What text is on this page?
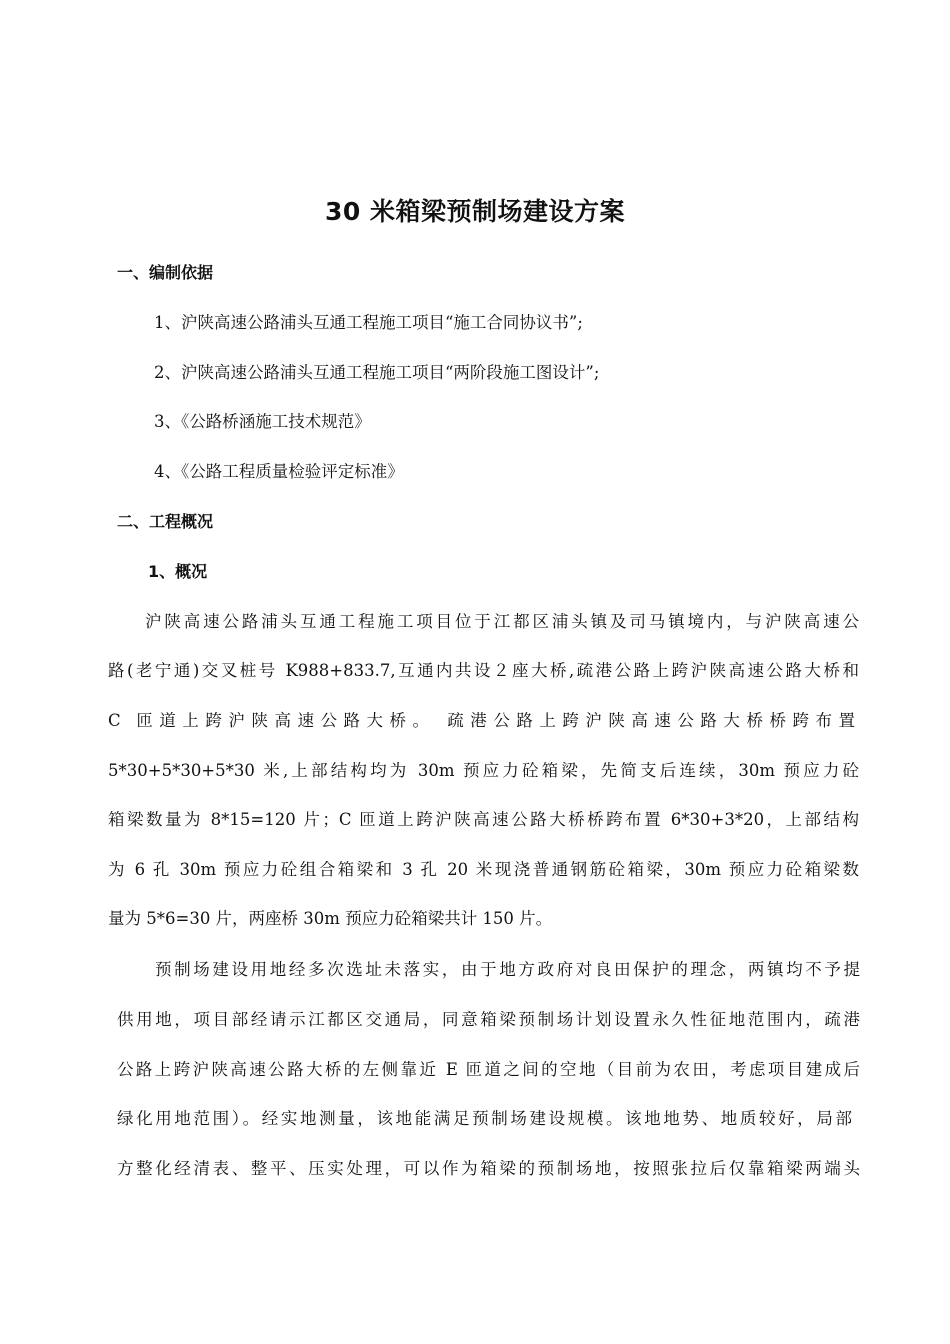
30 米箱梁预制场建设方案
一、编制依据
1、沪陕高速公路浦头互通工程施工项目“施工合同协议书”;
2、沪陕高速公路浦头互通工程施工项目“两阶段施工图设计”;
3、《公路桥涵施工技术规范》
4、《公路工程质量检验评定标准》
二、工程概况
1、概况
沪陕高速公路浦头互通工程施工项目位于江都区浦头镇及司马镇境内，与沪陕高速公
路(老宁通)交叉桩号 K988+833.7,互通内共设２座大桥,疏港公路上跨沪陕高速公路大桥和
C 匝道上跨沪陕高速公路大桥。 疏港公路上跨沪陕高速公路大桥桥跨布置
5*30+5*30+5*30 米,上部结构均为 30m 预应力砼箱梁，先简支后连续，30m 预应力砼
箱梁数量为 8*15=120 片；C 匝道上跨沪陕高速公路大桥桥跨布置 6*30+3*20，上部结构
为 6 孔 30m 预应力砼组合箱梁和 3 孔 20 米现浇普通钢筋砼箱梁，30m 预应力砼箱梁数
量为 5*6=30 片，两座桥 30m 预应力砼箱梁共计 150 片。
预制场建设用地经多次选址未落实，由于地方政府对良田保护的理念，两镇均不予提
供用地，项目部经请示江都区交通局，同意箱梁预制场计划设置永久性征地范围内，疏港
公路上跨沪陕高速公路大桥的左侧靠近 E 匝道之间的空地（目前为农田，考虑项目建成后
绿化用地范围）。经实地测量，该地能满足预制场建设规模。该地地势、地质较好，局部
方整化经清表、整平、压实处理，可以作为箱梁的预制场地，按照张拉后仅靠箱梁两端头
